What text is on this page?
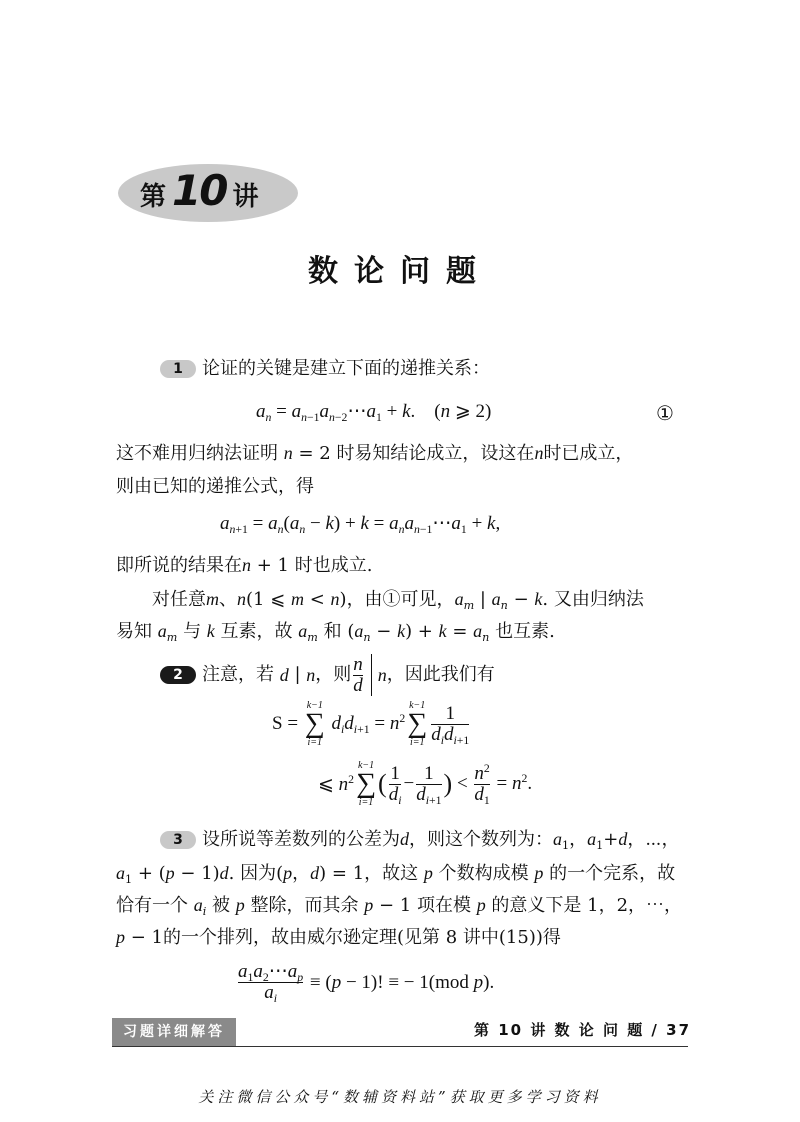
第 10 讲
数论问题
1 论证的关键是建立下面的递推关系：
$a_n$ = $a_{n-1}a_{n-2}\cdots a_1 + k$.    (n ⩾ 2)	①
这不难用归纳法证明 n = 2 时易知结论成立，设这在n时已成立，
则由已知的递推公式，得
$a_{n+1} = a_n(a_n - k) + k$ = $a_na_{n-1}\cdots a_1 + k$,
即所说的结果在n + 1 时也成立.
对任意m、n(1 ⩽ m < n)，由①可见，$a_m$ | $a_n - k$. 又由归纳法
易知 $a_m$ 与 k 互素，故 $a_m$ 和 $(a_n - k) + k = a_n$ 也互素.
2	注意，若
d | n ，则 $\frac{n}{d}$ n ，因此我们有
S =
k−1
∑
i=1
$d_id_{i+1} = n^2$
k−1
∑
$i=1 \frac{1}{d_id_{i+1}}$
⩽ $n^2$
k−1
∑
i=1
( $\frac{1}{d_i} - \frac{1}{d_{i+1}}$ ) < $\frac{n^2}{d_1} = n^2$.
3 设所说等差数列的公差为d，则这个数列为：$a_1$，$a_1+d$，⋯，
$a_1 + (p - 1)d$. 因为(p，d) = 1，故这 p 个数构成模 p 的一个完系，故
恰有一个 $a_i$ 被 p 整除，而其余 p − 1 项在模 p 的意义下是 1，2，⋯，
p − 1的一个排列，故由威尔逊定理(见第 8 讲中(15))得
$\frac{a_1a_2\cdots a_p}{a_i} \equiv (p - 1)$! ≡ − 1(mod p).
习题详细解答	第 10 讲 数 论 问 题 / 37
关注微信公众号“数辅资料站”获取更多学习资料
